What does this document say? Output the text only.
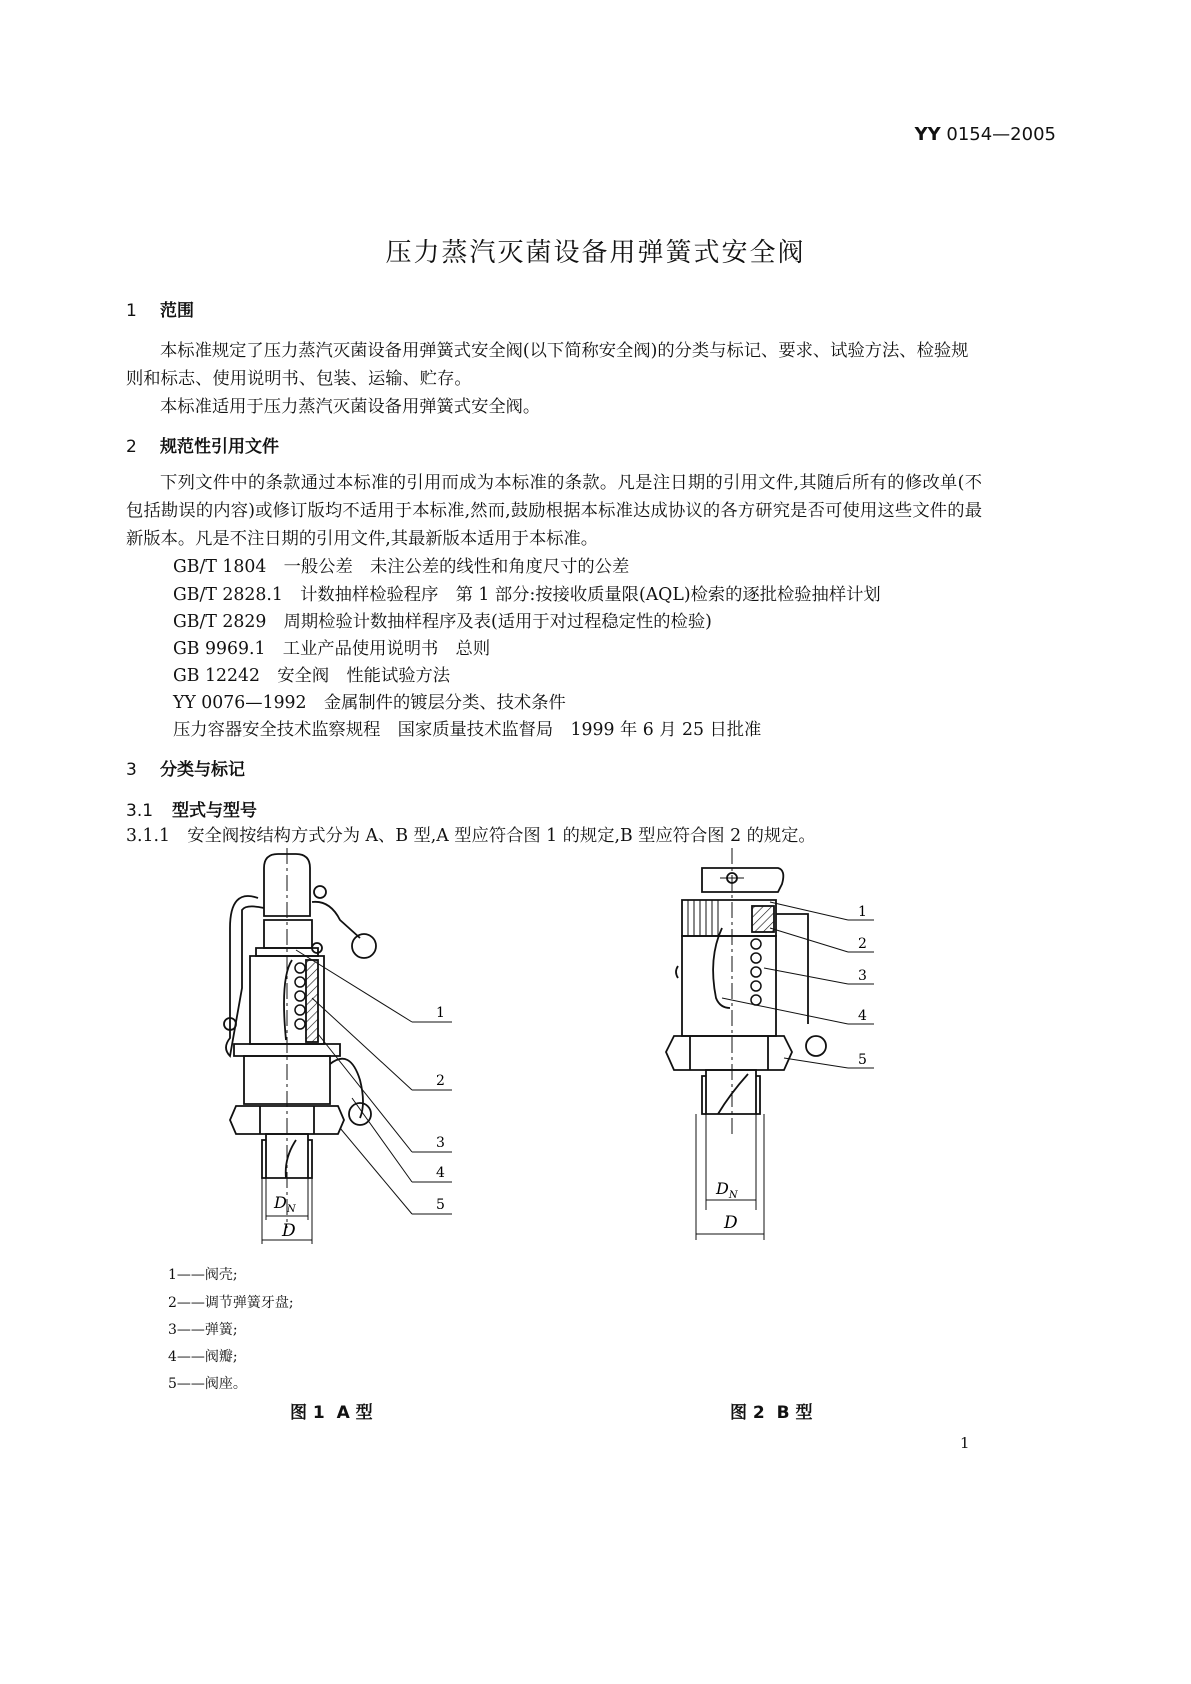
YY 0154—2005
压力蒸汽灭菌设备用弹簧式安全阀
1 范围

本标准规定了压力蒸汽灭菌设备用弹簧式安全阀(以下简称安全阀)的分类与标记、要求、试验方法、检验规则和标志、使用说明书、包装、运输、贮存。

本标准适用于压力蒸汽灭菌设备用弹簧式安全阀。

2 规范性引用文件

下列文件中的条款通过本标准的引用而成为本标准的条款。凡是注日期的引用文件,其随后所有的修改单(不包括勘误的内容)或修订版均不适用于本标准,然而,鼓励根据本标准达成协议的各方研究是否可使用这些文件的最新版本。凡是不注日期的引用文件,其最新版本适用于本标准。

GB/T 1804　一般公差　未注公差的线性和角度尺寸的公差
GB/T 2828.1　计数抽样检验程序　第 1 部分:按接收质量限(AQL)检索的逐批检验抽样计划
GB/T 2829　周期检验计数抽样程序及表(适用于对过程稳定性的检验)
GB 9969.1　工业产品使用说明书　总则
GB 12242　安全阀　性能试验方法
YY 0076—1992　金属制件的镀层分类、技术条件
压力容器安全技术监察规程　国家质量技术监督局　1999 年 6 月 25 日批准
3 分类与标记
3.1 型式与型号
3.1.1　安全阀按结构方式分为 A、B 型,A 型应符合图 1 的规定,B 型应符合图 2 的规定。
$D_N$
D
1
2
3
4
5
$D_N$
D
1
2
3
4
5
1——阀壳;
2——调节弹簧牙盘;
3——弹簧;
4——阀瓣;
5——阀座。
图 1 A 型	图 2 B 型
1
